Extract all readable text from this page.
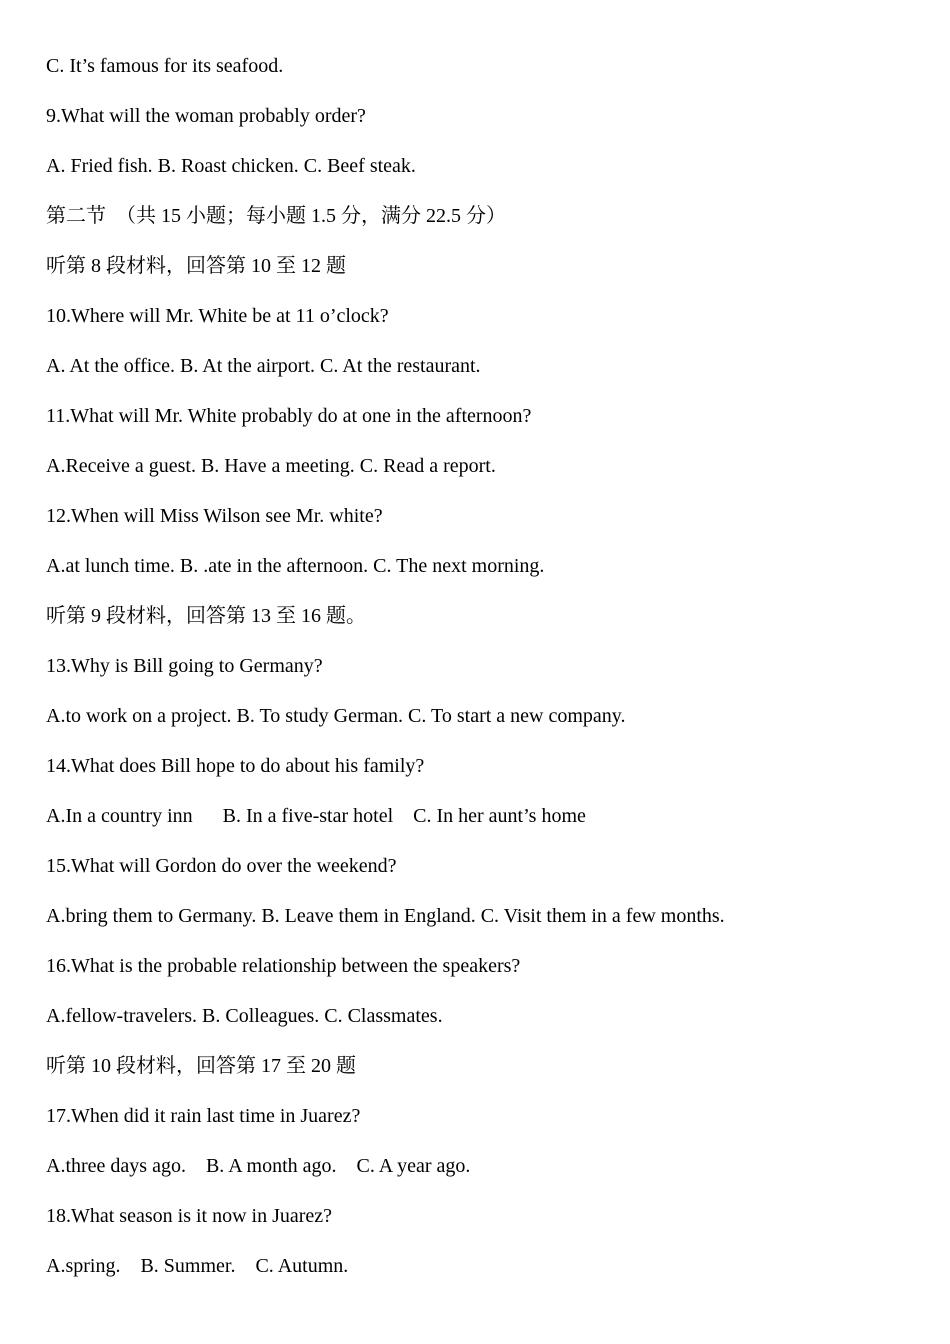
C. It’s famous for its seafood.

9.What will the woman probably order?

A. Fried fish. B. Roast chicken. C. Beef steak.

第二节  （共 15 小题；每小题 1.5 分，满分 22.5 分）

听第 8 段材料，回答第 10 至 12 题

10.Where will Mr. White be at 11 o’clock?

A. At the office. B. At the airport. C. At the restaurant.

11.What will Mr. White probably do at one in the afternoon?

A.Receive a guest. B. Have a meeting. C. Read a report.

12.When will Miss Wilson see Mr. white?

A.at lunch time. B. .ate in the afternoon. C. The next morning.

听第 9 段材料，回答第 13 至 16 题。

13.Why is Bill going to Germany?

A.to work on a project. B. To study German. C. To start a new company.

14.What does Bill hope to do about his family?

A.In a country inn      B. In a five-star hotel    C. In her aunt’s home

15.What will Gordon do over the weekend?

A.bring them to Germany. B. Leave them in England. C. Visit them in a few months.

16.What is the probable relationship between the speakers?

A.fellow-travelers. B. Colleagues. C. Classmates.

听第 10 段材料，回答第 17 至 20 题

17.When did it rain last time in Juarez?

A.three days ago.    B. A month ago.    C. A year ago.

18.What season is it now in Juarez?

A.spring.    B. Summer.    C. Autumn.
